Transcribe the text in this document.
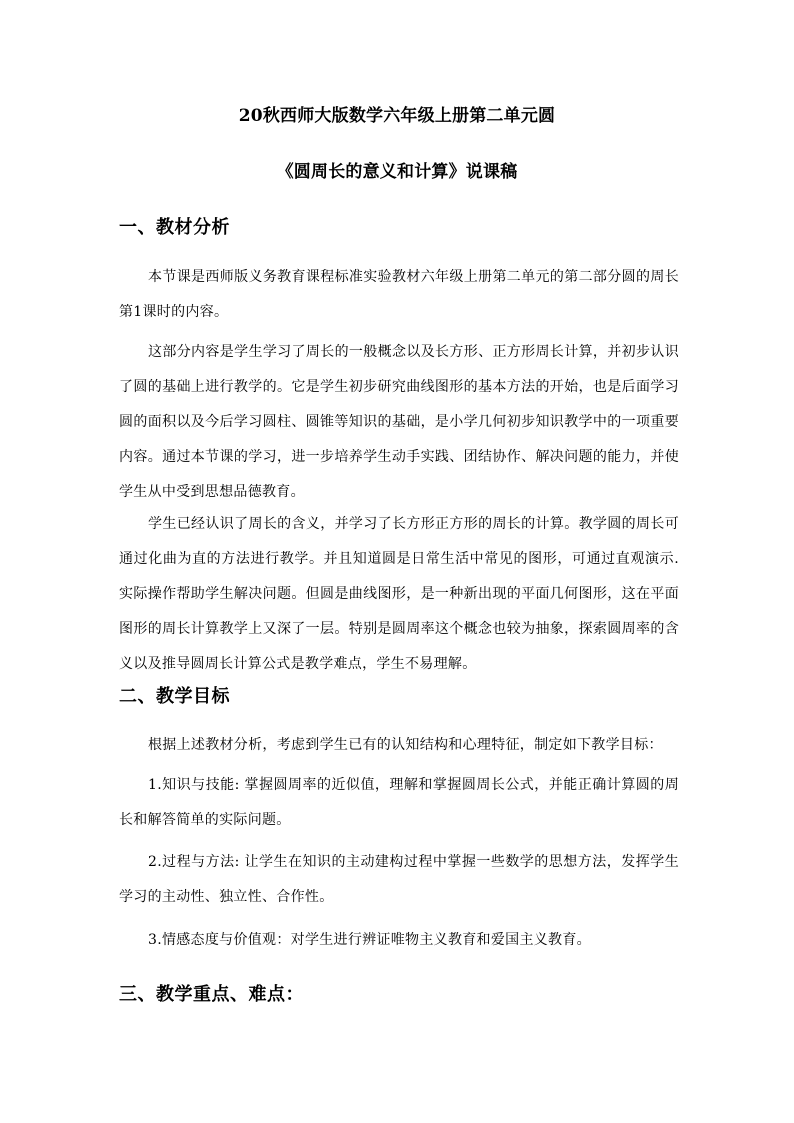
20秋西师大版数学六年级上册第二单元圆
《圆周长的意义和计算》说课稿
一、教材分析

本节课是西师版义务教育课程标准实验教材六年级上册第二单元的第二部分圆的周长第1课时的内容。

这部分内容是学生学习了周长的一般概念以及长方形、正方形周长计算，并初步认识了圆的基础上进行教学的。它是学生初步研究曲线图形的基本方法的开始，也是后面学习圆的面积以及今后学习圆柱、圆锥等知识的基础，是小学几何初步知识教学中的一项重要内容。通过本节课的学习，进一步培养学生动手实践、团结协作、解决问题的能力，并使学生从中受到思想品德教育。

学生已经认识了周长的含义，并学习了长方形正方形的周长的计算。教学圆的周长可通过化曲为直的方法进行教学。并且知道圆是日常生活中常见的图形，可通过直观演示.实际操作帮助学生解决问题。但圆是曲线图形，是一种新出现的平面几何图形，这在平面图形的周长计算教学上又深了一层。特别是圆周率这个概念也较为抽象，探索圆周率的含义以及推导圆周长计算公式是教学难点，学生不易理解。

二、教学目标

根据上述教材分析，考虑到学生已有的认知结构和心理特征，制定如下教学目标：

1.知识与技能: 掌握圆周率的近似值，理解和掌握圆周长公式，并能正确计算圆的周长和解答简单的实际问题。

2.过程与方法: 让学生在知识的主动建构过程中掌握一些数学的思想方法，发挥学生学习的主动性、独立性、合作性。

3.情感态度与价值观：对学生进行辨证唯物主义教育和爱国主义教育。

三、教学重点、难点：
